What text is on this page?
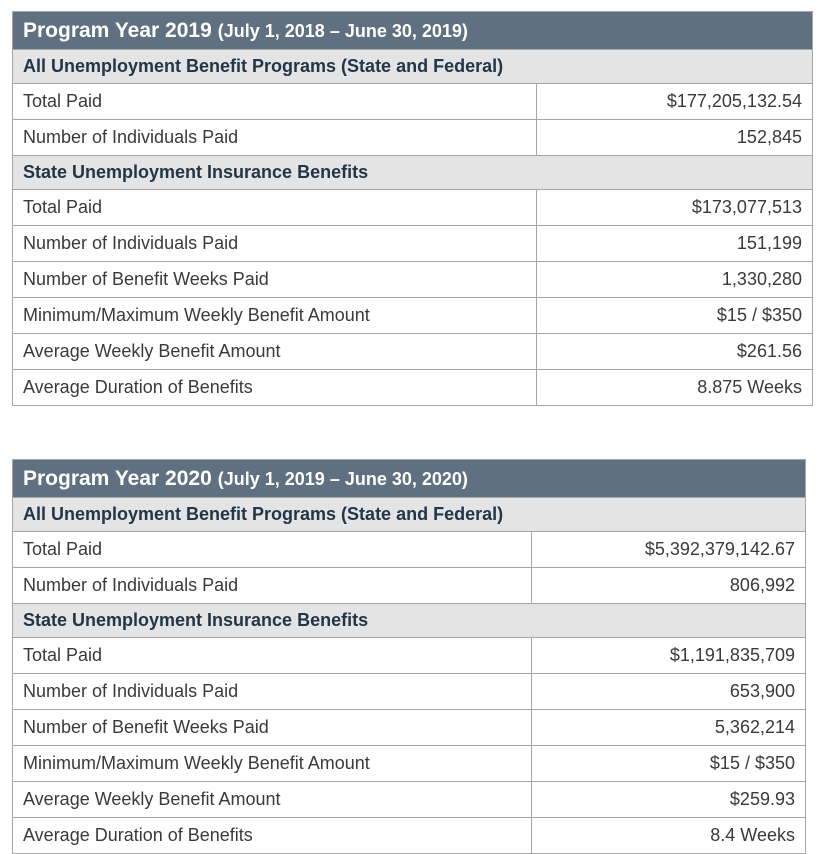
Program Year 2019 (July 1, 2018 – June 30, 2019)	
All Unemployment Benefit Programs (State and Federal)	
Total Paid	$177,205,132.54
Number of Individuals Paid	152,845
State Unemployment Insurance Benefits	
Total Paid	$173,077,513
Number of Individuals Paid	151,199
Number of Benefit Weeks Paid	1,330,280
Minimum/Maximum Weekly Benefit Amount	$15 / $350
Average Weekly Benefit Amount	$261.56
Average Duration of Benefits	8.875 Weeks
Program Year 2020 (July 1, 2019 – June 30, 2020)	
All Unemployment Benefit Programs (State and Federal)	
Total Paid	$5,392,379,142.67
Number of Individuals Paid	806,992
State Unemployment Insurance Benefits	
Total Paid	$1,191,835,709
Number of Individuals Paid	653,900
Number of Benefit Weeks Paid	5,362,214
Minimum/Maximum Weekly Benefit Amount	$15 / $350
Average Weekly Benefit Amount	$259.93
Average Duration of Benefits	8.4 Weeks
